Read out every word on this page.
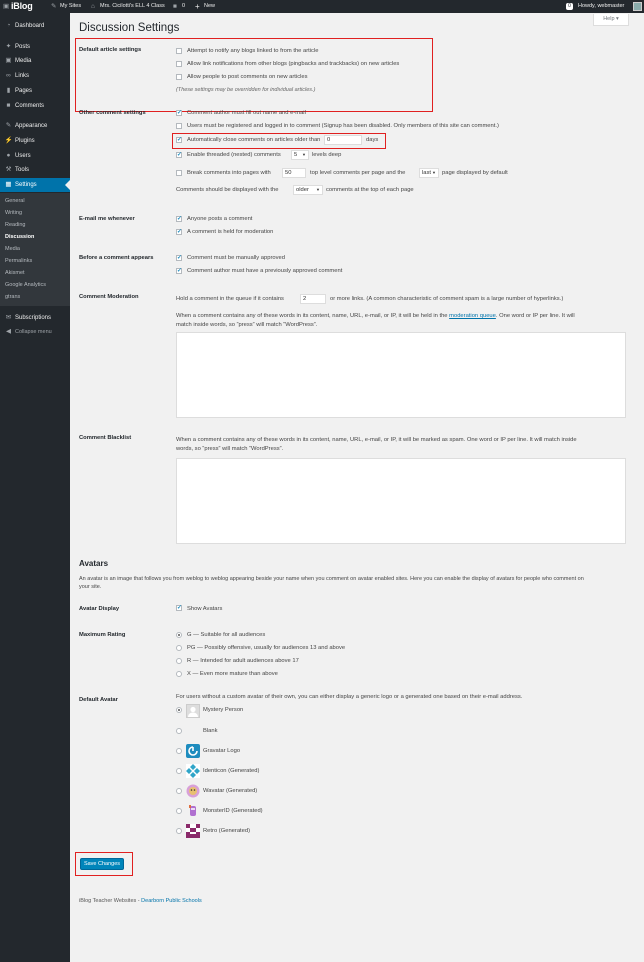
▣ iBlog	✎ My Sites ⌂ Mrs. Cicilotti's ELL 4 Class ■ 0 + New	0	Howdy, webmaster
◔ Dashboard
✦ Posts
▣ Media
∞ Links
▮ Pages
■ Comments
✎ Appearance
⚡ Plugins
● Users
⚒ Tools
▦ Settings
General
Writing
Reading
Discussion
Media
Permalinks
Akismet
Google Analytics
gtrans
✉ Subscriptions
◀ Collapse menu
Help ▾
Discussion Settings
Default article settings	Attempt to notify any blogs linked to from the article
Allow link notifications from other blogs (pingbacks and trackbacks) on new articles
Allow people to post comments on new articles
(These settings may be overridden for individual articles.)
Other comment settings ✓	Comment author must fill out name and e-mail
Users must be registered and logged in to comment (Signup has been disabled. Only members of this site can comment.)
✓
Automatically close comments on articles older than	0	days
✓
Enable threaded (nested) comments	5 ▼ levels deep
Break comments into pages with	50	top level comments per page and the	last ▼ page displayed by default
Comments should be displayed with the	older ▼ comments at the top of each page
E-mail me whenever ✓	Anyone posts a comment
✓
A comment is held for moderation
Before a comment appears ✓	Comment must be manually approved
✓
Comment author must have a previously approved comment
Comment Moderation	Hold a comment in the queue if it contains	2	or more links. (A common characteristic of comment spam is a large number of hyperlinks.)
When a comment contains any of these words in its content, name, URL, e-mail, or IP, it will be held in the moderation queue. One word or IP per line. It will
match inside words, so “press” will match “WordPress”.
Comment Blacklist	When a comment contains any of these words in its content, name, URL, e-mail, or IP, it will be marked as spam. One word or IP per line. It will match inside
words, so “press” will match “WordPress”.
Avatars
An avatar is an image that follows you from weblog to weblog appearing beside your name when you comment on avatar enabled sites. Here you can enable the display of avatars for people who comment on
your site.
Avatar Display ✓	Show Avatars
Maximum Rating	G — Suitable for all audiences
PG — Possibly offensive, usually for audiences 13 and above
R — Intended for adult audiences above 17
X — Even more mature than above
Default Avatar	For users without a custom avatar of their own, you can either display a generic logo or a generated one based on their e-mail address.
Mystery Person
Blank
Gravatar Logo
Identicon (Generated)
Wavatar (Generated)
MonsterID (Generated)
Retro (Generated)
Save Changes
iBlog Teacher Websites - Dearborn Public Schools
